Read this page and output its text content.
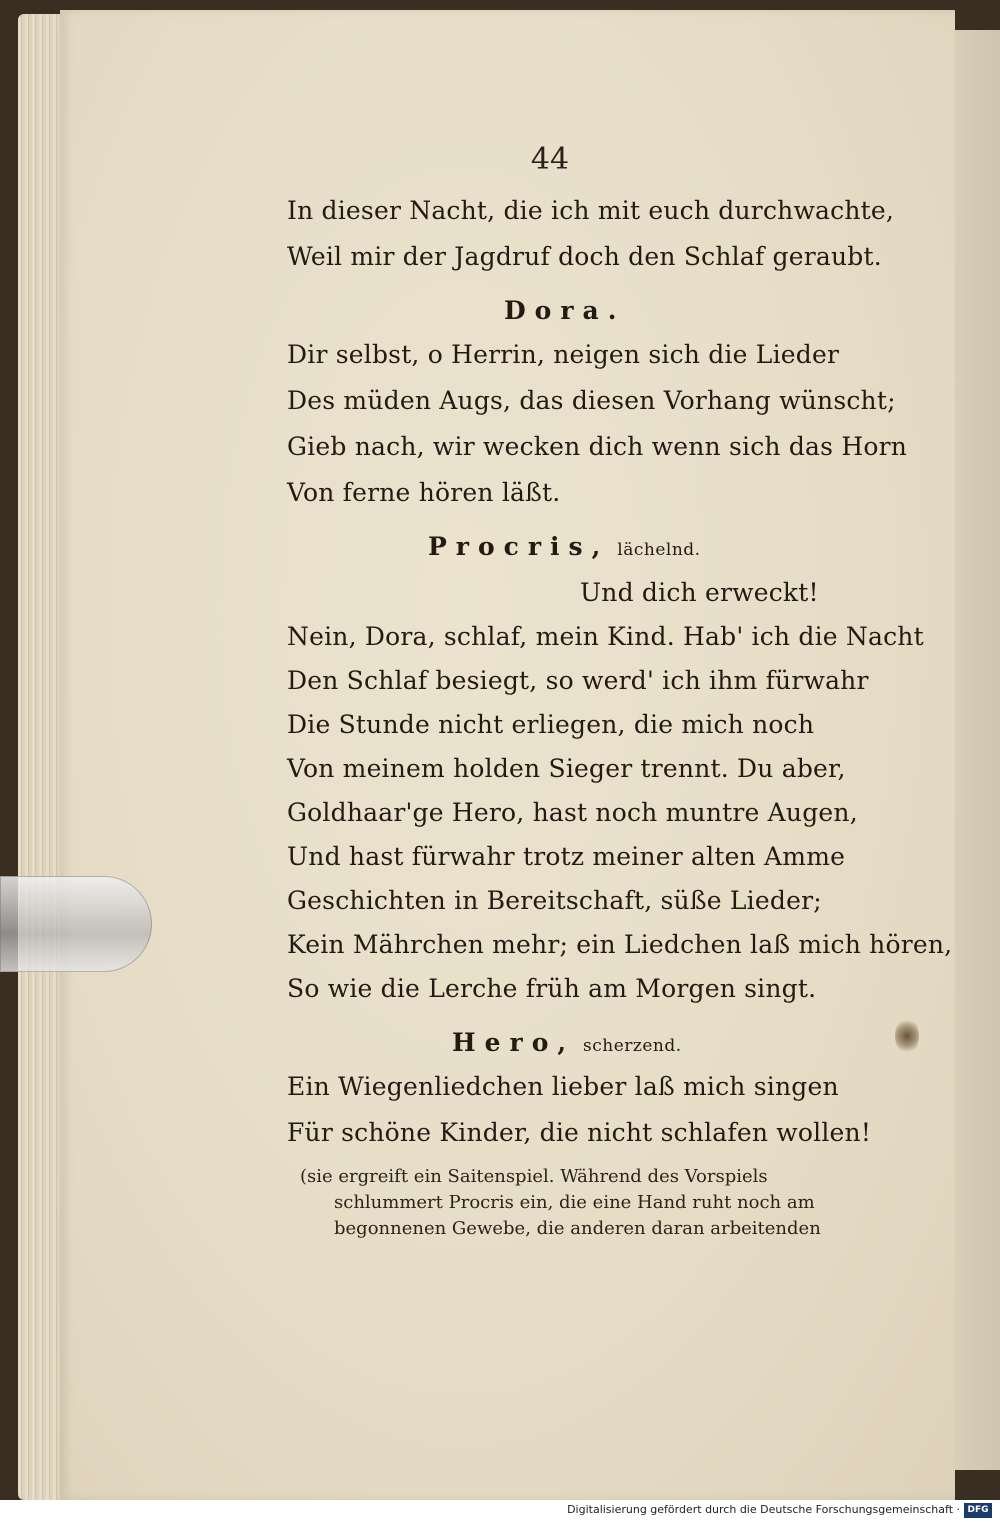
44
In dieser Nacht, die ich mit euch durchwachte,
Weil mir der Jagdruf doch den Schlaf geraubt.
Dora.
Dir selbst, o Herrin, neigen sich die Lieder
Des müden Augs, das diesen Vorhang wünscht;
Gieb nach, wir wecken dich wenn sich das Horn
Von ferne hören läßt.
Procris, lächelnd.
Und dich erweckt!
Nein, Dora, schlaf, mein Kind. Hab' ich die Nacht
Den Schlaf besiegt, so werd' ich ihm fürwahr
Die Stunde nicht erliegen, die mich noch
Von meinem holden Sieger trennt. Du aber,
Goldhaar'ge Hero, hast noch muntre Augen,
Und hast fürwahr trotz meiner alten Amme
Geschichten in Bereitschaft, süße Lieder;
Kein Mährchen mehr; ein Liedchen laß mich hören,
So wie die Lerche früh am Morgen singt.
Hero, scherzend.
Ein Wiegenliedchen lieber laß mich singen
Für schöne Kinder, die nicht schlafen wollen!
(sie ergreift ein Saitenspiel. Während des Vorspiels
schlummert Procris ein, die eine Hand ruht noch am
begonnenen Gewebe, die anderen daran arbeitenden
Digitalisierung gefördert durch die Deutsche Forschungsgemeinschaft · DFG
